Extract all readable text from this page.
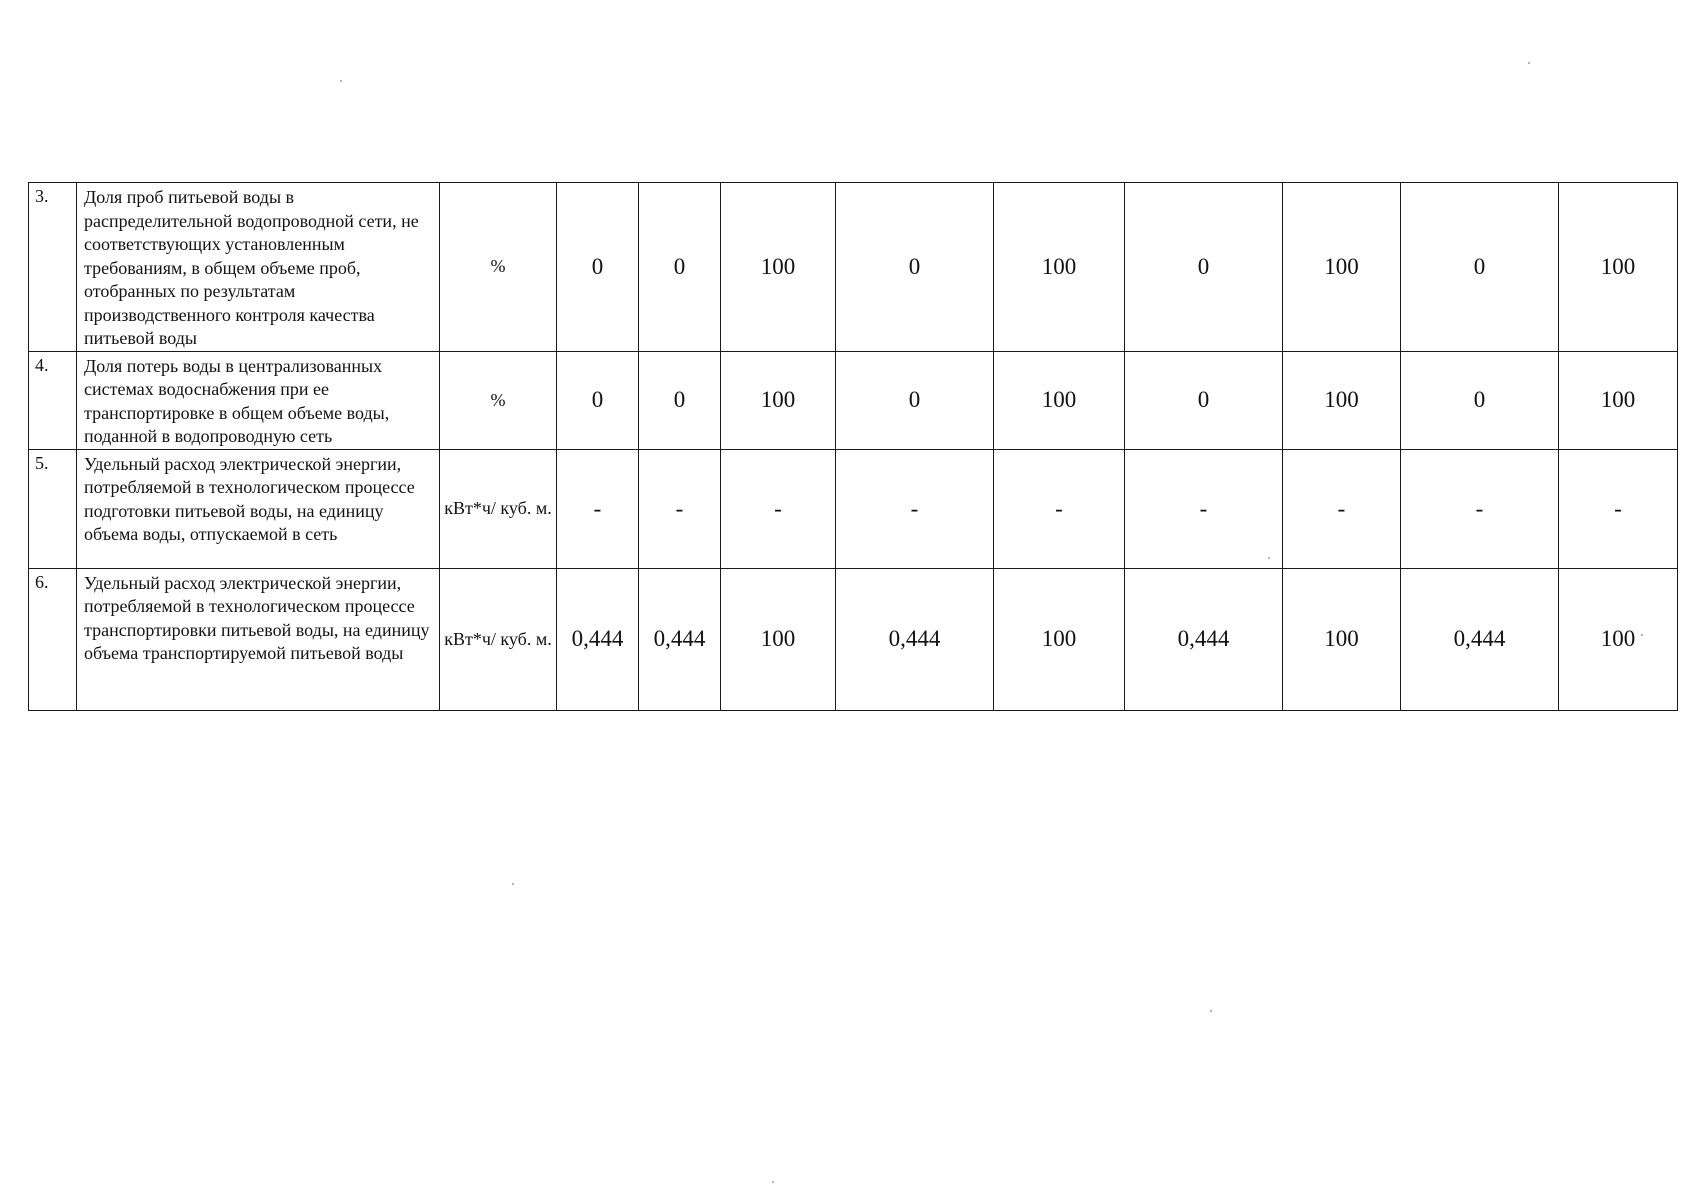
3.	Доля проб питьевой воды в распределительной водопроводной сети, не соответствующих установленным требованиям, в общем объеме проб, отобранных по результатам производственного контроля качества питьевой воды	%	0	0	100	0	100	0	100	0	100
4.	Доля потерь воды в централизованных системах водоснабжения при ее транспортировке в общем объеме воды, поданной в водопроводную сеть	%	0	0	100	0	100	0	100	0	100
5.	Удельный расход электрической энергии, потребляемой в технологическом процессе подготовки питьевой воды, на единицу объема воды, отпускаемой в сеть	кВт*ч/ куб. м.	-	-	-	-	-	-	-	-	-
6.	Удельный расход электрической энергии, потребляемой в технологическом процессе транспортировки питьевой воды, на единицу объема транспортируемой питьевой воды	кВт*ч/ куб. м.	0,444	0,444	100	0,444	100	0,444	100	0,444	100
